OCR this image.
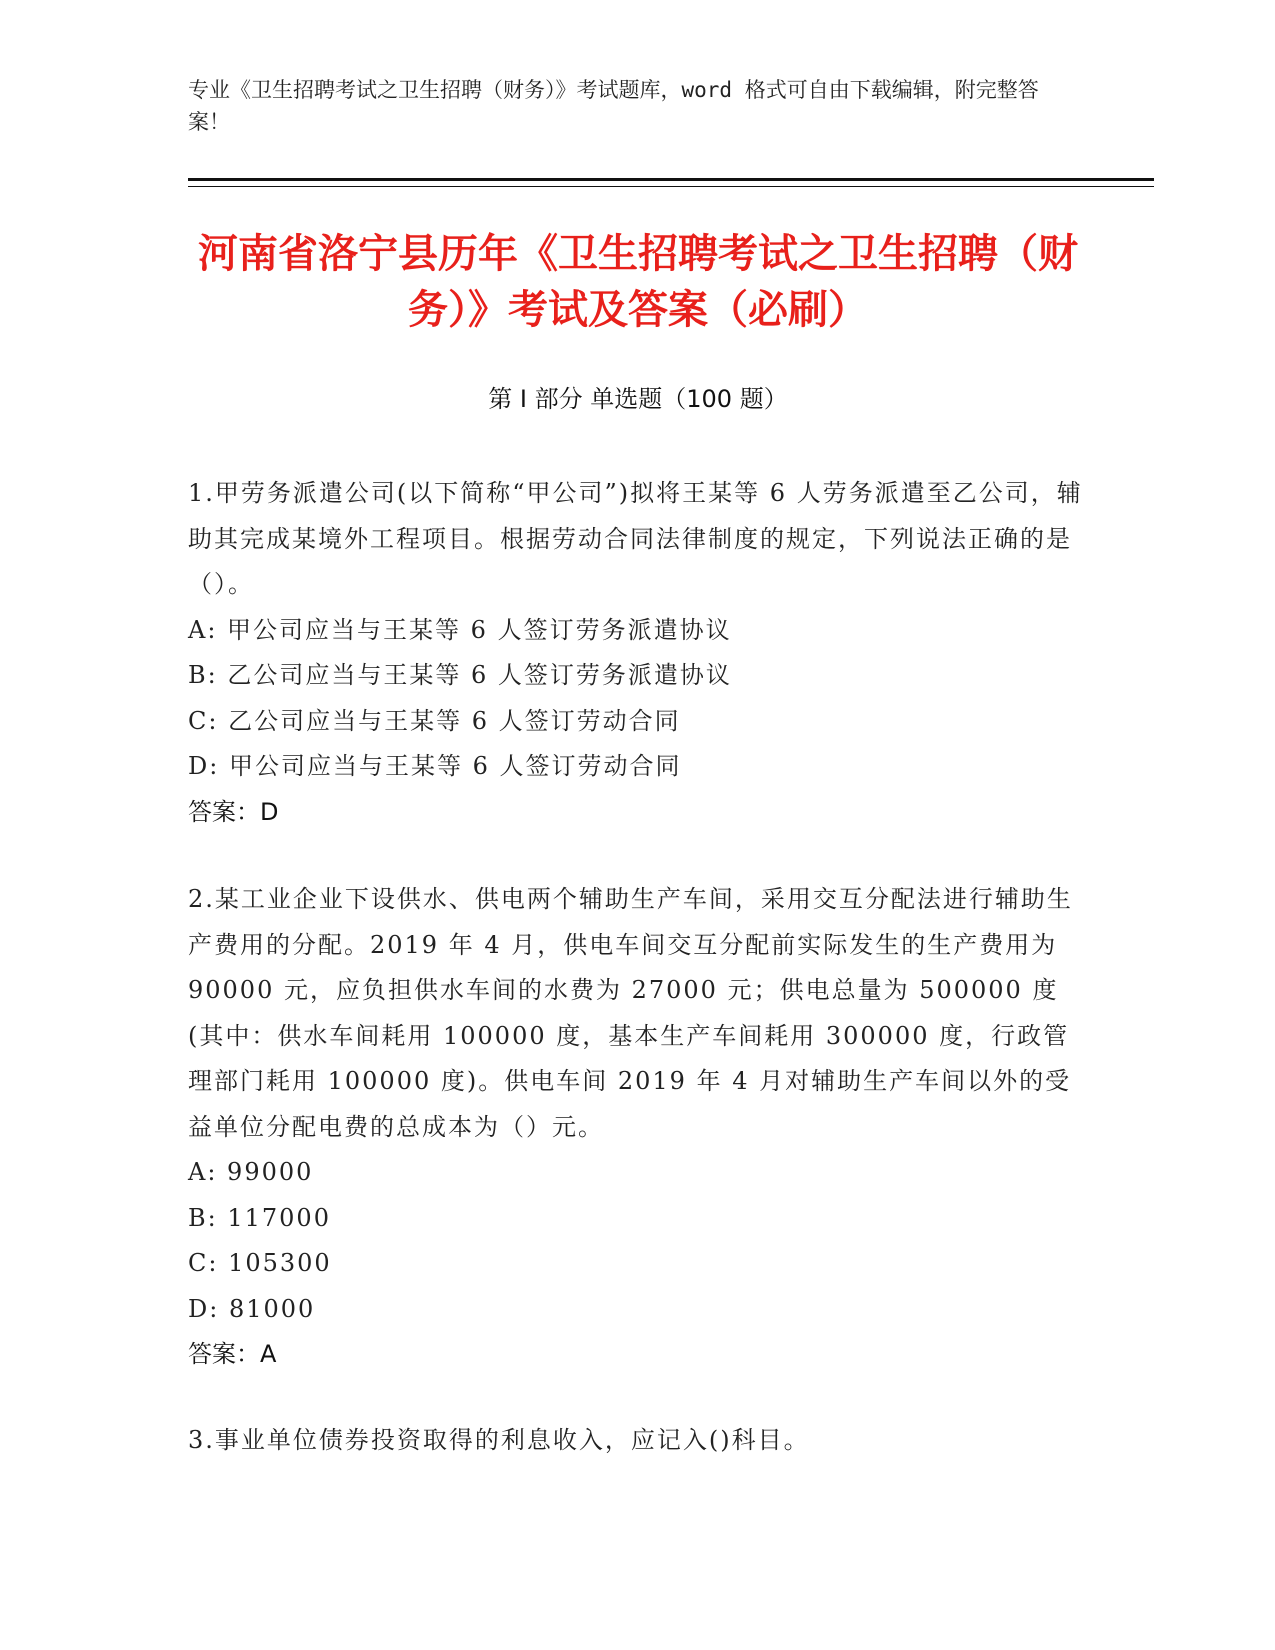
专业《卫生招聘考试之卫生招聘（财务）》考试题库，word 格式可自由下载编辑，附完整答案！
河南省洛宁县历年《卫生招聘考试之卫生招聘（财务）》考试及答案（必刷）
第 I 部分 单选题（100 题）
1.甲劳务派遣公司(以下简称“甲公司”)拟将王某等 6 人劳务派遣至乙公司，辅助其完成某境外工程项目。根据劳动合同法律制度的规定，下列说法正确的是（）。
A: 甲公司应当与王某等 6 人签订劳务派遣协议
B: 乙公司应当与王某等 6 人签订劳务派遣协议
C: 乙公司应当与王某等 6 人签订劳动合同
D: 甲公司应当与王某等 6 人签订劳动合同
答案：D
2.某工业企业下设供水、供电两个辅助生产车间，采用交互分配法进行辅助生产费用的分配。2019 年 4 月，供电车间交互分配前实际发生的生产费用为 90000 元，应负担供水车间的水费为 27000 元；供电总量为 500000 度(其中：供水车间耗用 100000 度，基本生产车间耗用 300000 度，行政管理部门耗用 100000 度)。供电车间 2019 年 4 月对辅助生产车间以外的受益单位分配电费的总成本为（）元。
A: 99000
B: 117000
C: 105300
D: 81000
答案：A
3.事业单位债券投资取得的利息收入，应记入()科目。
